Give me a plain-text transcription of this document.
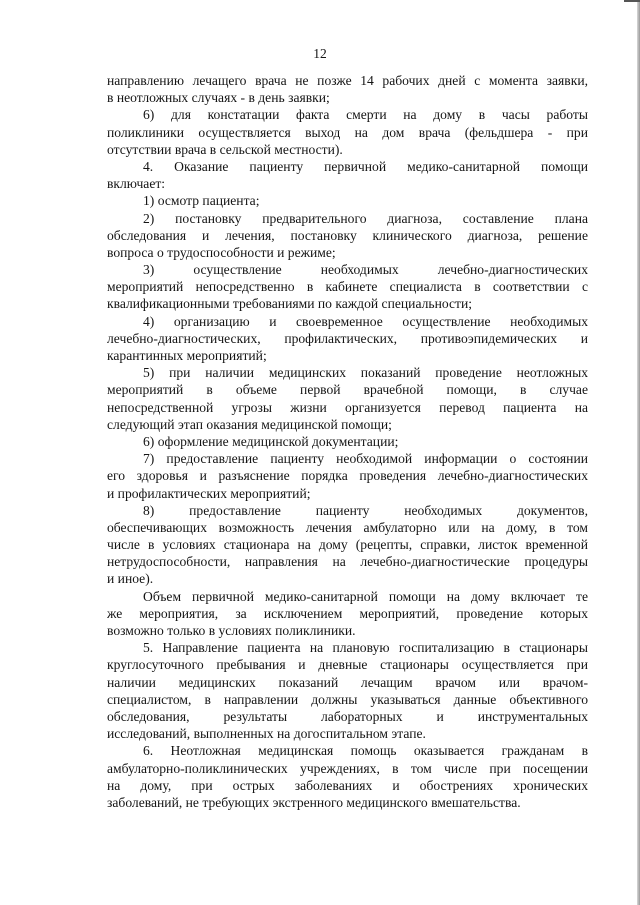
12
направлению лечащего врача не позже 14 рабочих дней с момента заявки,
в неотложных случаях - в день заявки;
6) для констатации факта смерти на дому в часы работы
поликлиники осуществляется выход на дом врача (фельдшера - при
отсутствии врача в сельской местности).
4. Оказание пациенту первичной медико-санитарной помощи
включает:
1) осмотр пациента;
2) постановку предварительного диагноза, составление плана
обследования и лечения, постановку клинического диагноза, решение
вопроса о трудоспособности и режиме;
3) осуществление необходимых лечебно-диагностических
мероприятий непосредственно в кабинете специалиста в соответствии с
квалификационными требованиями по каждой специальности;
4) организацию и своевременное осуществление необходимых
лечебно-диагностических, профилактических, противоэпидемических и
карантинных мероприятий;
5) при наличии медицинских показаний проведение неотложных
мероприятий в объеме первой врачебной помощи, в случае
непосредственной угрозы жизни организуется перевод пациента на
следующий этап оказания медицинской помощи;
6) оформление медицинской документации;
7) предоставление пациенту необходимой информации о состоянии
его здоровья и разъяснение порядка проведения лечебно-диагностических
и профилактических мероприятий;
8) предоставление пациенту необходимых документов,
обеспечивающих возможность лечения амбулаторно или на дому, в том
числе в условиях стационара на дому (рецепты, справки, листок временной
нетрудоспособности, направления на лечебно-диагностические процедуры
и иное).
Объем первичной медико-санитарной помощи на дому включает те
же мероприятия, за исключением мероприятий, проведение которых
возможно только в условиях поликлиники.
5. Направление пациента на плановую госпитализацию в стационары
круглосуточного пребывания и дневные стационары осуществляется при
наличии медицинских показаний лечащим врачом или врачом-
специалистом, в направлении должны указываться данные объективного
обследования, результаты лабораторных и инструментальных
исследований, выполненных на догоспитальном этапе.
6. Неотложная медицинская помощь оказывается гражданам в
амбулаторно-поликлинических учреждениях, в том числе при посещении
на дому, при острых заболеваниях и обострениях хронических
заболеваний, не требующих экстренного медицинского вмешательства.
